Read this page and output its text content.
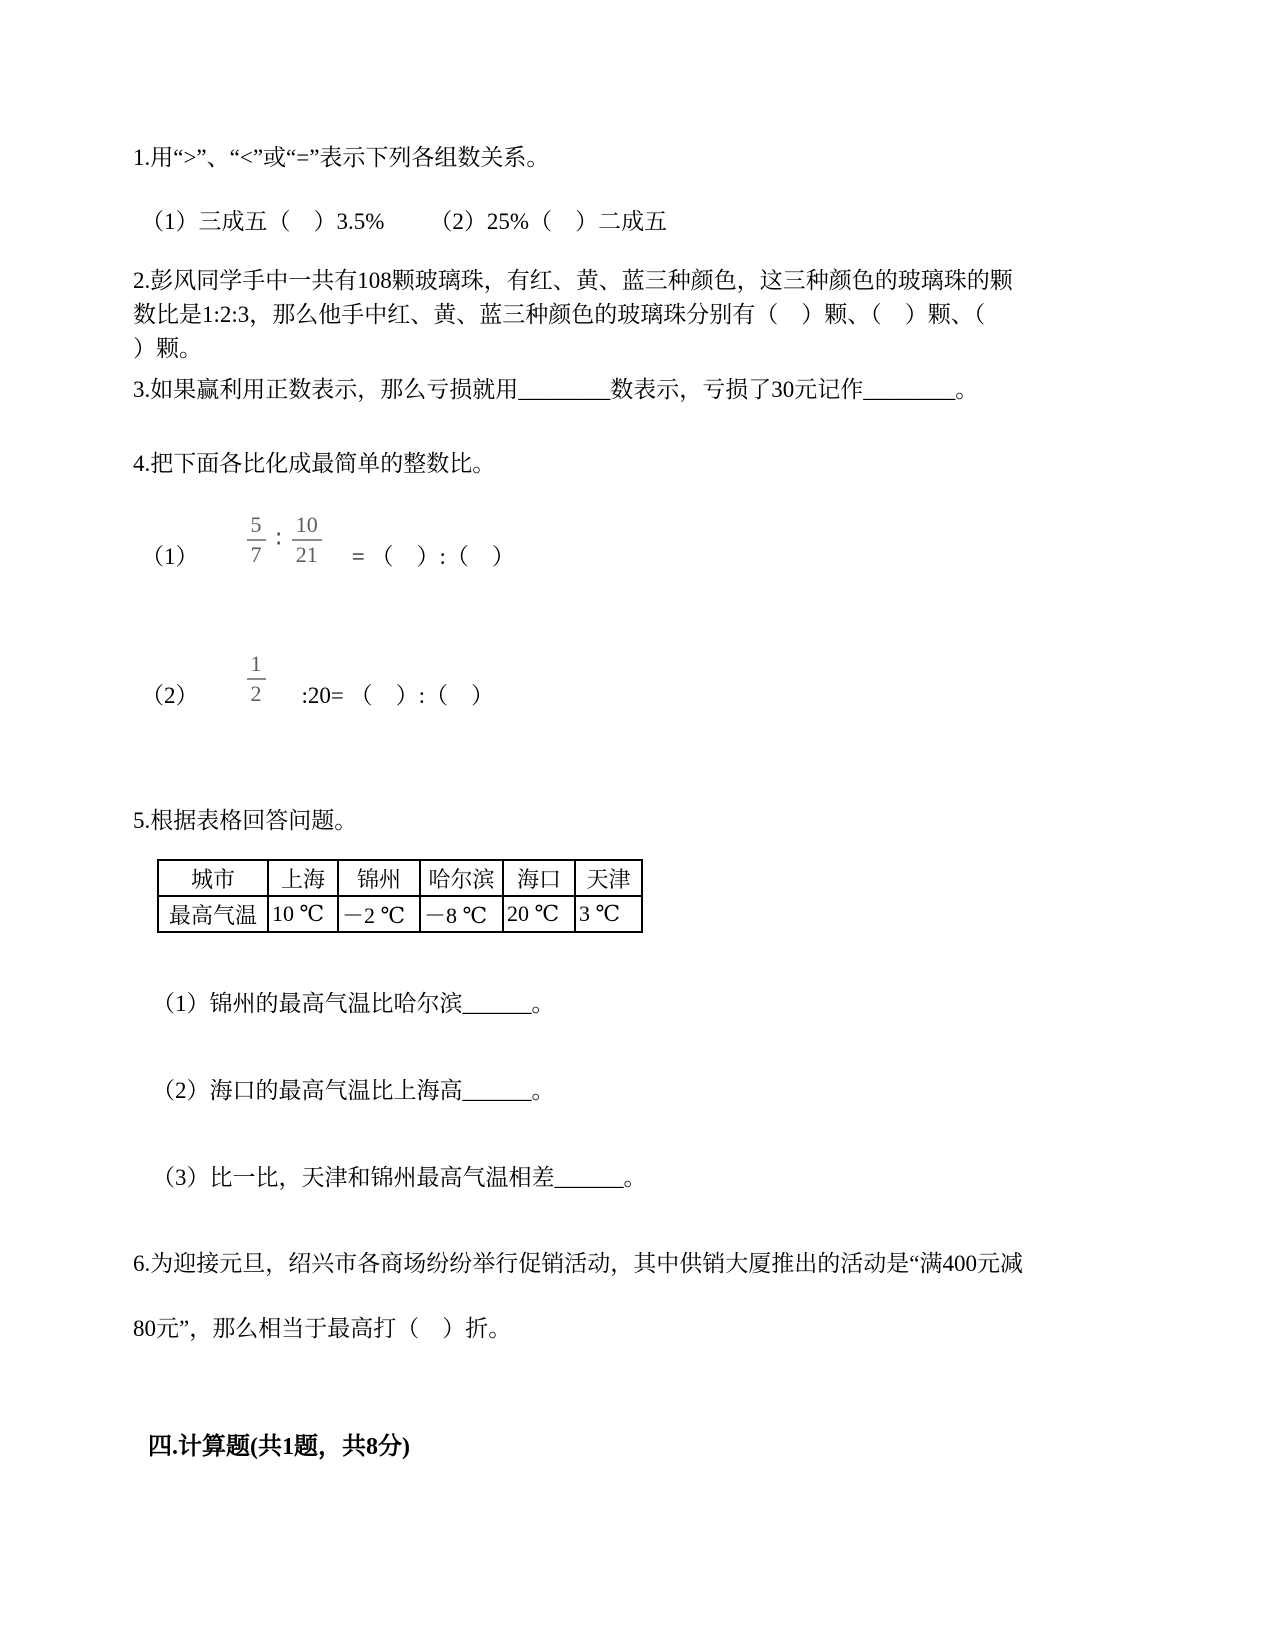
1.用“>”、“<”或“=”表示下列各组数关系。

（1）三成五（　）3.5% （2）25%（　）二成五
2.彭风同学手中一共有108颗玻璃珠，有红、黄、蓝三种颜色，这三种颜色的玻璃珠的颗
数比是1:2:3，那么他手中红、黄、蓝三种颜色的玻璃珠分别有（　）颗、（　）颗、（
）颗。

3.如果赢利用正数表示，那么亏损就用________数表示，亏损了30元记作________。

4.把下面各比化成最简单的整数比。

$(1) \frac{5}{7}$ ∶ $\frac{10}{21}$ = （　）:（　）
$(2) \frac{1}{2}$ :20= （　）:（　）

5.根据表格回答问题。

城市	上海	锦州	哈尔滨	海口	天津
最高气温	10 ℃	－2 ℃	－8 ℃	20 ℃	3 ℃

（1）锦州的最高气温比哈尔滨______。

（2）海口的最高气温比上海高______。

（3）比一比，天津和锦州最高气温相差______。

6.为迎接元旦，绍兴市各商场纷纷举行促销活动，其中供销大厦推出的活动是“满400元减

80元”，那么相当于最高打（　）折。

四.计算题(共1题，共8分)
